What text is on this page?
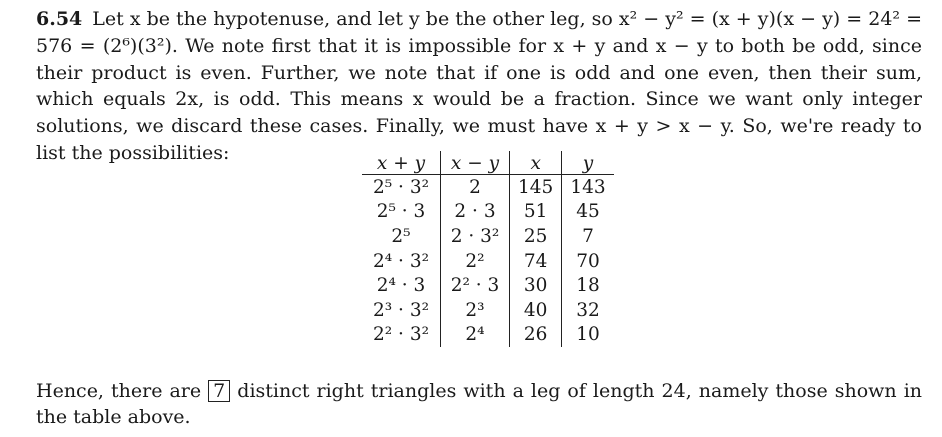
6.54 Let x be the hypotenuse, and let y be the other leg, so x² − y² = (x + y)(x − y) = 24² = 576 = (2⁶)(3²). We note first that it is impossible for x + y and x − y to both be odd, since their product is even. Further, we note that if one is odd and one even, then their sum, which equals 2x, is odd. This means x would be a fraction. Since we want only integer solutions, we discard these cases. Finally, we must have x + y > x − y. So, we're ready to list the possibilities:	x + y	x − y	x	y
2⁵ · 3²	2	145	143
2⁵ · 3	2 · 3	51	45
2⁵	2 · 3²	25	7
2⁴ · 3²	2²	74	70
2⁴ · 3	2² · 3	30	18
2³ · 3²	2³	40	32
2² · 3²	2⁴	26	10

Hence, there are 7 distinct right triangles with a leg of length 24, namely those shown in the table above.
